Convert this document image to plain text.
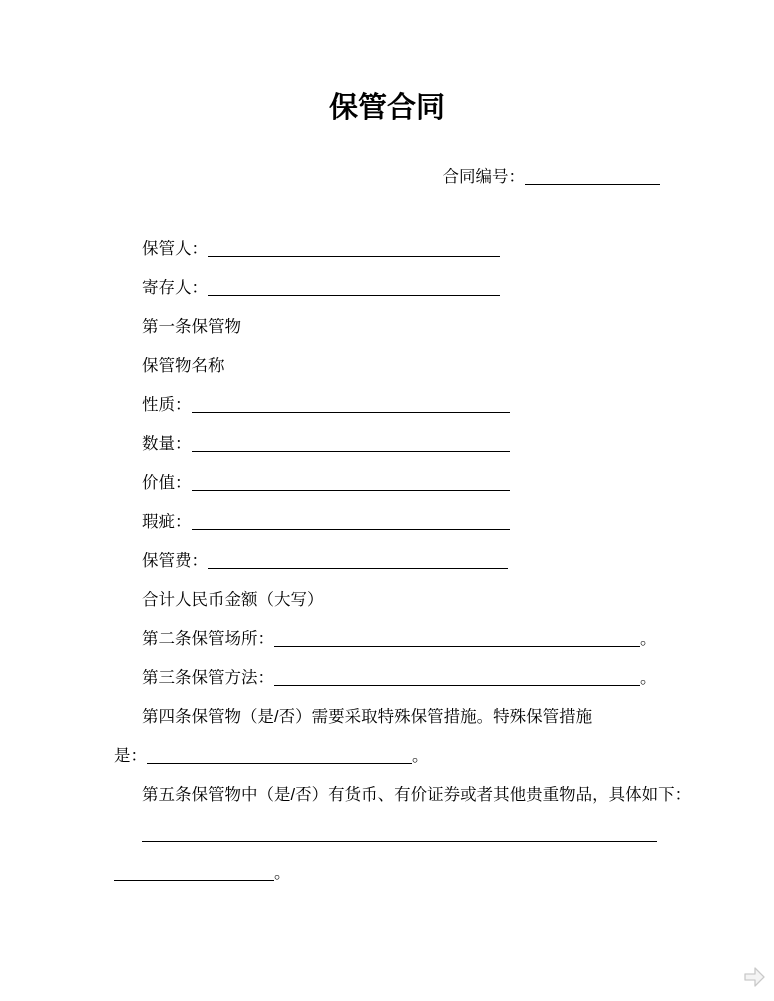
保管合同
合同编号：
保管人：
寄存人：
第一条保管物
保管物名称
性质：
数量：
价值：
瑕疵：
保管费：
合计人民币金额（大写）
第二条保管场所：	。
第三条保管方法：	。
第四条保管物（是/否）需要采取特殊保管措施。特殊保管措施
是：	。
第五条保管物中（是/否）有货币、有价证券或者其他贵重物品，具体如下：
。
